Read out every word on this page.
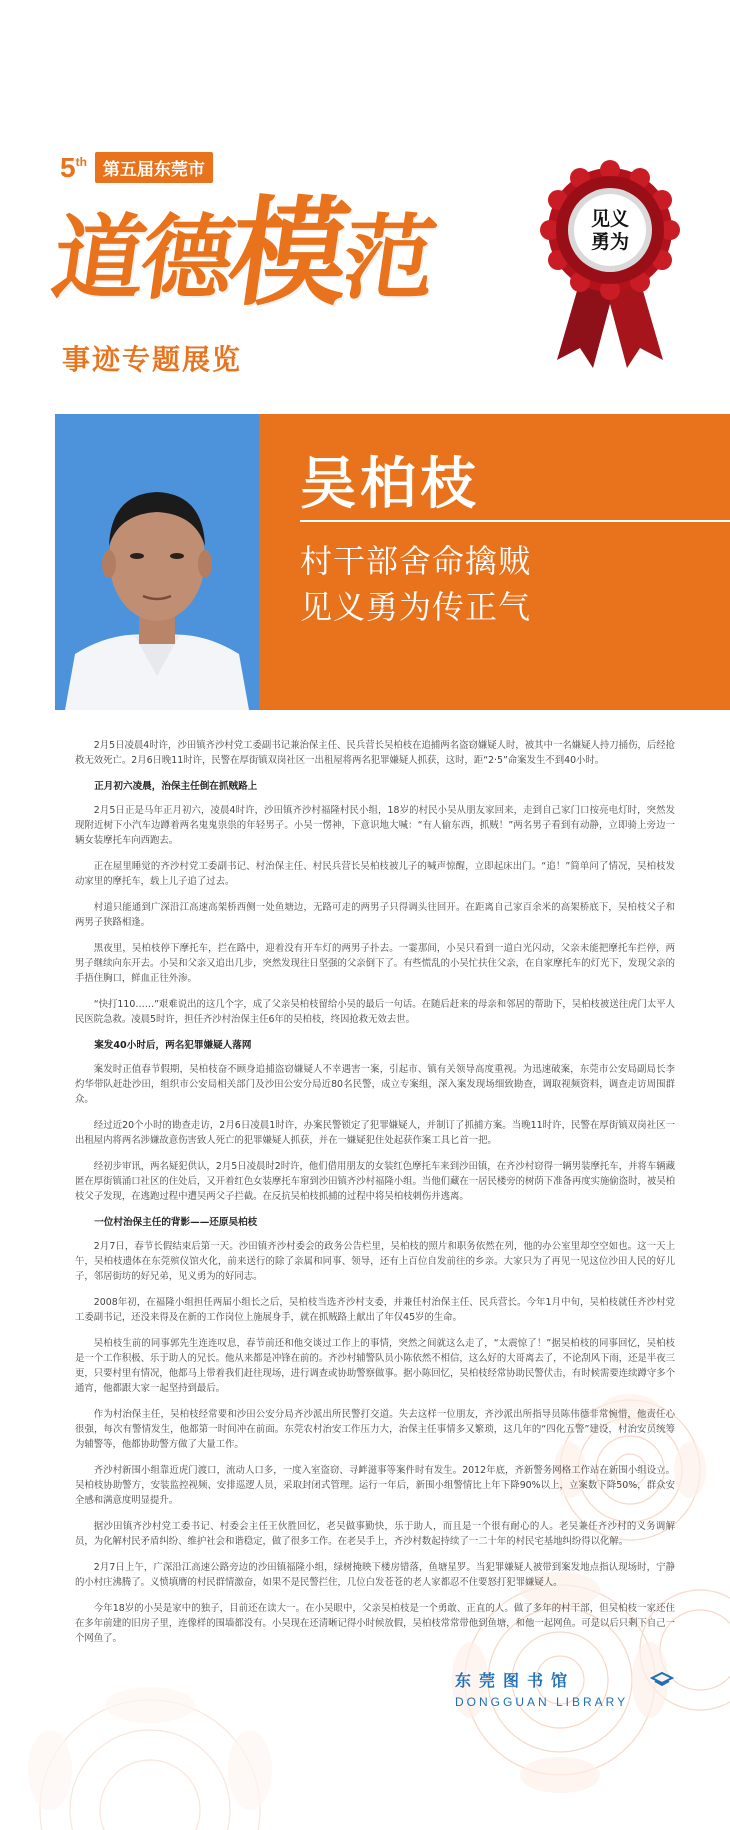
5th 第五届东莞市
道德模范
事迹专题展览
见义
勇为
吴柏枝
村干部舍命擒贼
见义勇为传正气

2月5日凌晨4时许，沙田镇齐沙村党工委副书记兼治保主任、民兵营长吴柏枝在追捕两名盗窃嫌疑人时，被其中一名嫌疑人持刀捅伤，后经抢救无效死亡。2月6日晚11时许，民警在厚街镇双岗社区一出租屋将两名犯罪嫌疑人抓获，这时，距“2·5”命案发生不到40小时。

正月初六凌晨，治保主任倒在抓贼路上

2月5日正是马年正月初六，凌晨4时许，沙田镇齐沙村福隆村民小组，18岁的村民小吴从朋友家回来，走到自己家门口按亮电灯时，突然发现附近树下小汽车边蹲着两名鬼鬼祟祟的年轻男子。小吴一愣神，下意识地大喊：“有人偷东西，抓贼！”两名男子看到有动静，立即骑上旁边一辆女装摩托车向西跑去。

正在屋里睡觉的齐沙村党工委副书记、村治保主任、村民兵营长吴柏枝被儿子的喊声惊醒，立即起床出门。“追！”简单问了情况，吴柏枝发动家里的摩托车，载上儿子追了过去。

村道只能通到广深沿江高速高架桥西侧一处鱼塘边，无路可走的两男子只得调头往回开。在距离自己家百余米的高架桥底下，吴柏枝父子和两男子狭路相逢。

黑夜里，吴柏枝停下摩托车，拦在路中，迎着没有开车灯的两男子扑去。一霎那间，小吴只看到一道白光闪动，父亲未能把摩托车拦停，两男子继续向东开去。小吴和父亲又追出几步，突然发现往日坚强的父亲倒下了。有些慌乱的小吴忙扶住父亲，在自家摩托车的灯光下，发现父亲的手捂住胸口，鲜血正往外渗。

“快打110……”艰难说出的这几个字，成了父亲吴柏枝留给小吴的最后一句话。在随后赶来的母亲和邻居的帮助下，吴柏枝被送往虎门太平人民医院急救。凌晨5时许，担任齐沙村治保主任6年的吴柏枝，终因抢救无效去世。

案发40小时后，两名犯罪嫌疑人落网

案发时正值春节假期，吴柏枝奋不顾身追捕盗窃嫌疑人不幸遇害一案，引起市、镇有关领导高度重视。为迅速破案，东莞市公安局副局长李灼华带队赶赴沙田，组织市公安局相关部门及沙田公安分局近80名民警，成立专案组，深入案发现场细致勘查，调取视频资料，调查走访周围群众。

经过近20个小时的勘查走访，2月6日凌晨1时许，办案民警锁定了犯罪嫌疑人，并制订了抓捕方案。当晚11时许，民警在厚街镇双岗社区一出租屋内将两名涉嫌故意伤害致人死亡的犯罪嫌疑人抓获，并在一嫌疑犯住处起获作案工具匕首一把。

经初步审讯，两名疑犯供认，2月5日凌晨时2时许，他们借用朋友的女装红色摩托车来到沙田镇，在齐沙村窃得一辆男装摩托车，并将车辆藏匿在厚街镇涌口社区的住处后，又开着红色女装摩托车窜到沙田镇齐沙村福隆小组。当他们藏在一居民楼旁的树荫下准备再度实施偷盗时，被吴柏枝父子发现，在逃跑过程中遭吴两父子拦截。在反抗吴柏枝抓捕的过程中将吴柏枝刺伤并逃离。

一位村治保主任的背影——还原吴柏枝

2月7日，春节长假结束后第一天。沙田镇齐沙村委会的政务公告栏里，吴柏枝的照片和职务依然在列，他的办公室里却空空如也。这一天上午，吴柏枝遗体在东莞殡仪馆火化，前来送行的除了亲属和同事、领导，还有上百位自发前往的乡亲。大家只为了再见一见这位沙田人民的好儿子，邻居街坊的好兄弟，见义勇为的好同志。

2008年初，在福隆小组担任两届小组长之后，吴柏枝当选齐沙村支委，并兼任村治保主任、民兵营长。今年1月中旬，吴柏枝就任齐沙村党工委副书记，还没来得及在新的工作岗位上施展身手，就在抓贼路上献出了年仅45岁的生命。

吴柏枝生前的同事郭先生连连叹息，春节前还和他交谈过工作上的事情，突然之间就这么走了，“太震惊了！”据吴柏枝的同事回忆，吴柏枝是一个工作积极、乐于助人的兄长。他从来都是冲锋在前的。齐沙村辅警队员小陈依然不相信，这么好的大哥离去了，不论刮风下雨，还是半夜三更，只要村里有情况，他都马上带着我们赶往现场，进行调查或协助警察做事。据小陈回忆，吴柏枝经常协助民警伏击，有时候需要连续蹲守多个通宵，他都跟大家一起坚持到最后。

作为村治保主任，吴柏枝经常要和沙田公安分局齐沙派出所民警打交道。失去这样一位朋友，齐沙派出所指导员陈伟德非常惋惜，他责任心很强，每次有警情发生，他都第一时间冲在前面。东莞农村治安工作压力大，治保主任事情多又繁琐，这几年的“四化五警”建设，村治安员统筹为辅警等，他都协助警方做了大量工作。

齐沙村新围小组靠近虎门渡口，流动人口多，一度入室盗窃、寻衅滋事等案件时有发生。2012年底，齐新警务网格工作站在新围小组设立。吴柏枝协助警方，安装监控视频、安排巡逻人员，采取封闭式管理。运行一年后，新围小组警情比上年下降90%以上，立案数下降50%，群众安全感和满意度明显提升。

据沙田镇齐沙村党工委书记、村委会主任王伙胜回忆，老吴做事勤快，乐于助人，而且是一个很有耐心的人。老吴兼任齐沙村的义务调解员，为化解村民矛盾纠纷、维护社会和谐稳定，做了很多工作。在老吴手上，齐沙村数起持续了一二十年的村民宅基地纠纷得以化解。

2月7日上午，广深沿江高速公路旁边的沙田镇福隆小组，绿树掩映下楼房错落，鱼塘星罗。当犯罪嫌疑人被带到案发地点指认现场时，宁静的小村庄沸腾了。义愤填膺的村民群情激奋，如果不是民警拦住，几位白发苍苍的老人家都忍不住要怒打犯罪嫌疑人。

今年18岁的小吴是家中的独子，目前还在读大一。在小吴眼中，父亲吴柏枝是一个勇敢、正直的人。做了多年的村干部，但吴柏枝一家还住在多年前建的旧房子里，连像样的围墙都没有。小吴现在还清晰记得小时候放假，吴柏枝常常带他到鱼塘，和他一起网鱼。可是以后只剩下自己一个网鱼了。

东莞图书馆
DONGGUAN LIBRARY
